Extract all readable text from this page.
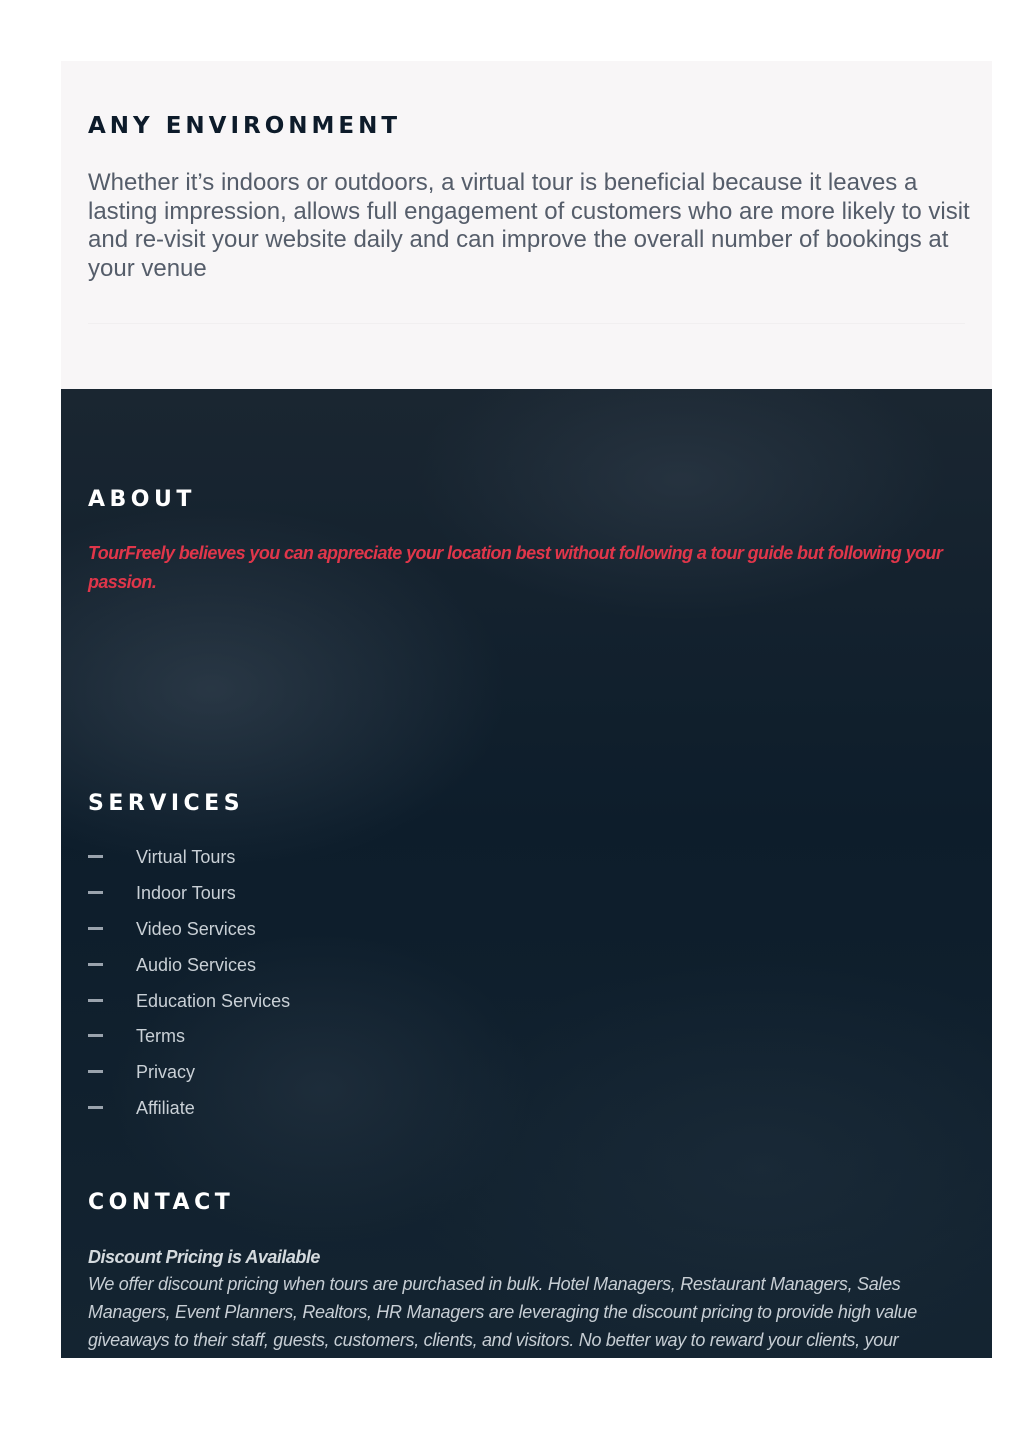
ANY ENVIRONMENT

Whether it’s indoors or outdoors, a virtual tour is beneficial because it leaves a lasting impression, allows full engagement of customers who are more likely to visit and re-visit your website daily and can improve the overall number of bookings at your venue

ABOUT

TourFreely believes you can appreciate your location best without following a tour guide but following your passion.

SERVICES
Virtual Tours
Indoor Tours
Video Services
Audio Services
Education Services
Terms
Privacy
Affiliate
CONTACT

Discount Pricing is Available

We offer discount pricing when tours are purchased in bulk. Hotel Managers, Restaurant Managers, Sales Managers, Event Planners, Realtors, HR Managers are leveraging the discount pricing to provide high value giveaways to their staff, guests, customers, clients, and visitors. No better way to reward your clients, your
